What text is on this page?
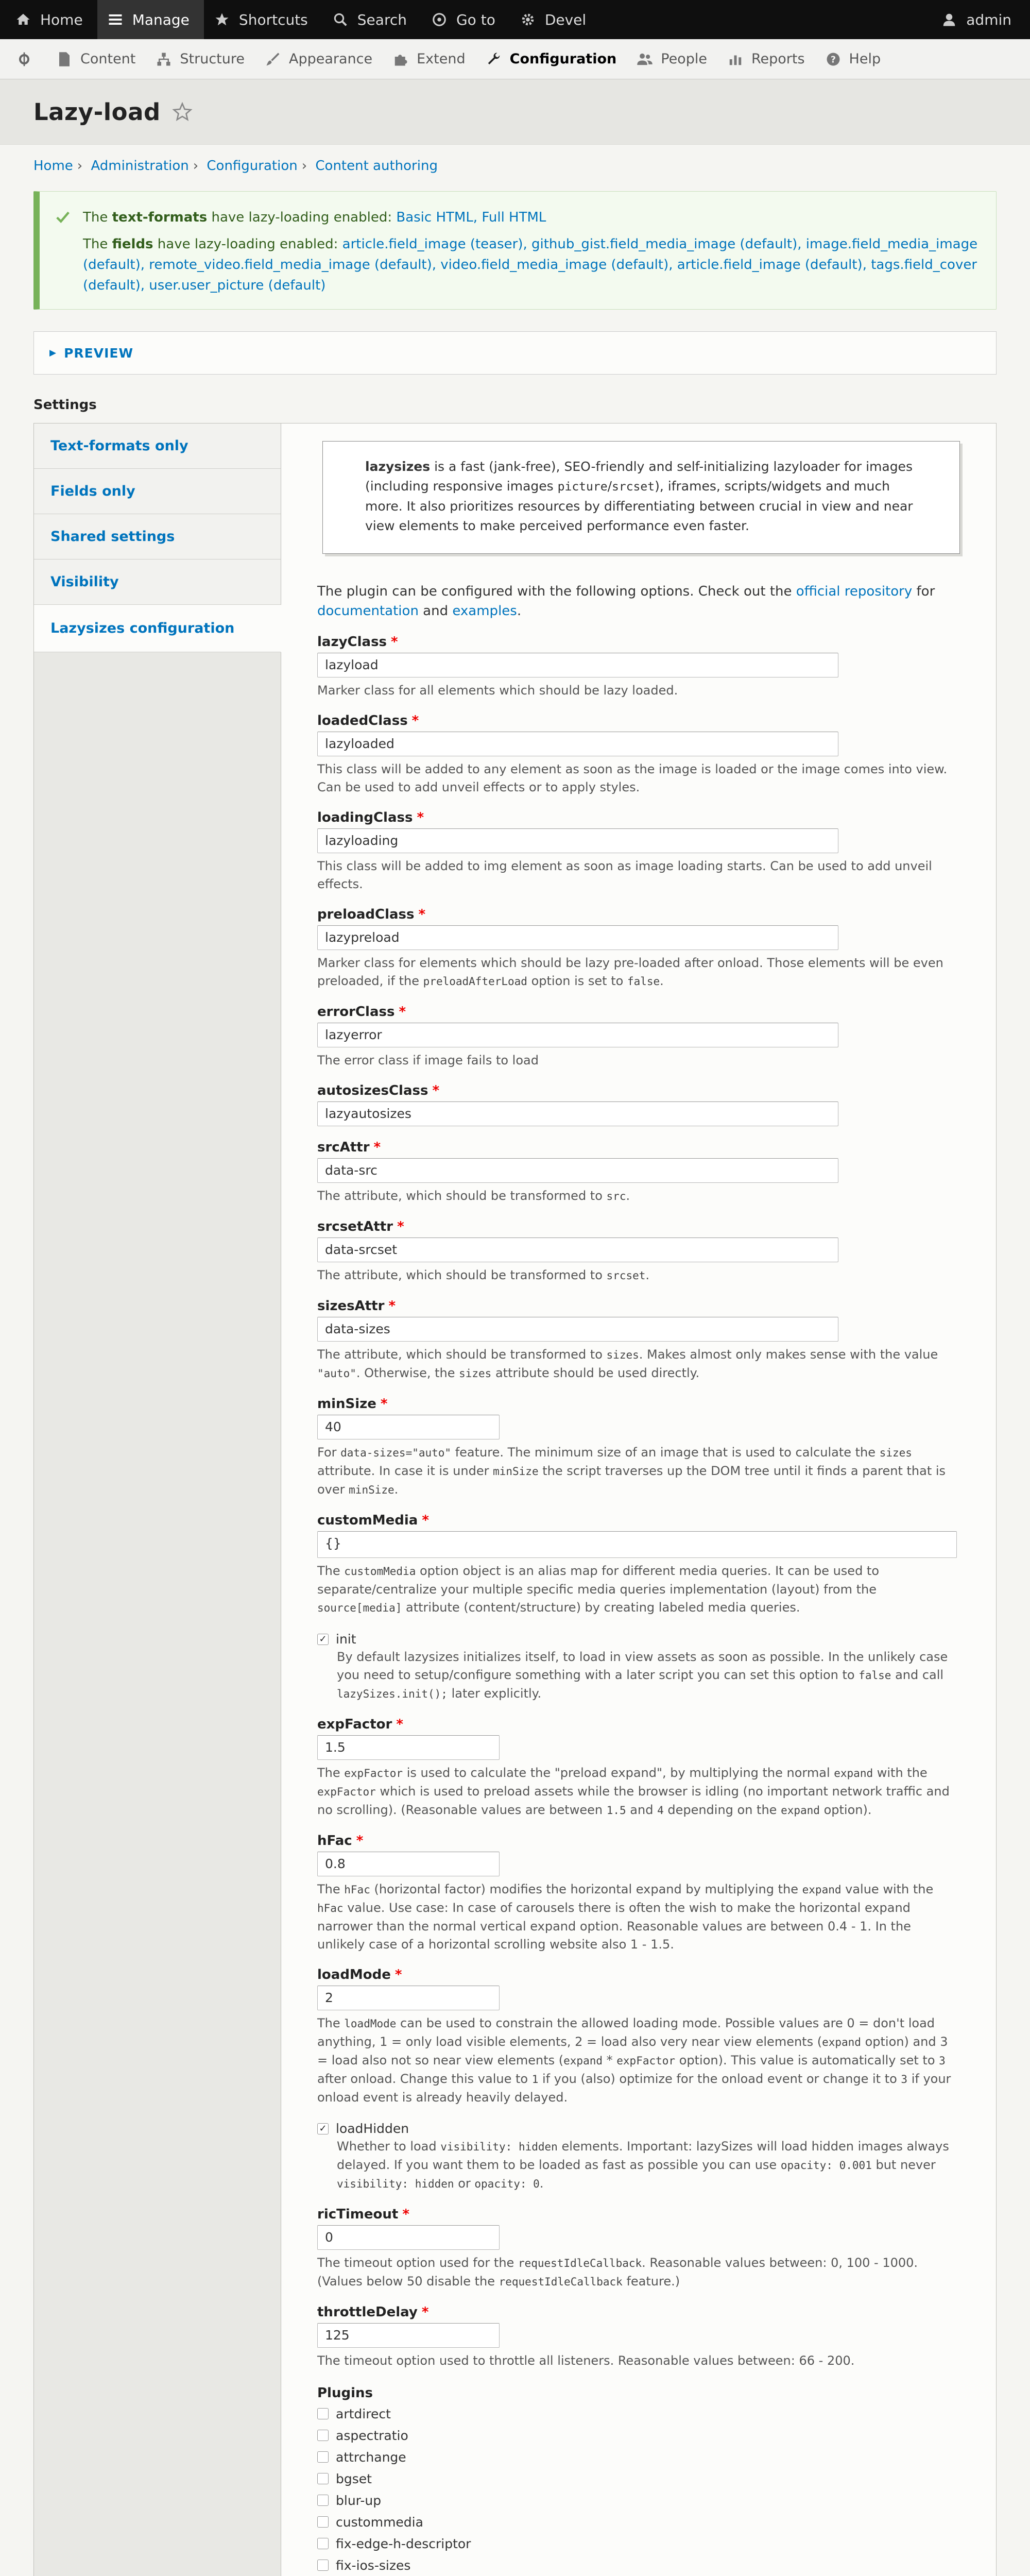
Home	Manage	Shortcuts	Search	Go to	Devel	admin
Content	Structure	Appearance	Extend	Configuration	People	Reports	? Help
Lazy-load
Home › Administration › Configuration › Content authoring

The text-formats have lazy-loading enabled: Basic HTML, Full HTML

The fields have lazy-loading enabled: article.field_image (teaser), github_gist.field_media_image (default), image.field_media_image (default), remote_video.field_media_image (default), video.field_media_image (default), article.field_image (default), tags.field_cover (default), user.user_picture (default)

▶ PREVIEW
Settings
Text-formats only
Fields only
Shared settings
Visibility
Lazysizes configuration
lazysizes is a fast (jank-free), SEO-friendly and self-initializing lazyloader for images (including responsive images picture/srcset), iframes, scripts/widgets and much more. It also prioritizes resources by differentiating between crucial in view and near view elements to make perceived performance even faster.
The plugin can be configured with the following options. Check out the official repository for documentation and examples.
lazyClass *
lazyload
Marker class for all elements which should be lazy loaded.
loadedClass *
lazyloaded
This class will be added to any element as soon as the image is loaded or the image comes into view. Can be used to add unveil effects or to apply styles.
loadingClass *
lazyloading
This class will be added to img element as soon as image loading starts. Can be used to add unveil effects.
preloadClass *
lazypreload
Marker class for elements which should be lazy pre-loaded after onload. Those elements will be even preloaded, if the preloadAfterLoad option is set to false.
errorClass *
lazyerror
The error class if image fails to load
autosizesClass *
lazyautosizes
srcAttr *
data-src
The attribute, which should be transformed to src.
srcsetAttr *
data-srcset
The attribute, which should be transformed to srcset.
sizesAttr *
data-sizes
The attribute, which should be transformed to sizes. Makes almost only makes sense with the value "auto". Otherwise, the sizes attribute should be used directly.
minSize *
40
For data-sizes="auto" feature. The minimum size of an image that is used to calculate the sizes attribute. In case it is under minSize the script traverses up the DOM tree until it finds a parent that is over minSize.
customMedia *
{}
The customMedia option object is an alias map for different media queries. It can be used to separate/centralize your multiple specific media queries implementation (layout) from the source[media] attribute (content/structure) by creating labeled media queries.
✓
init
By default lazysizes initializes itself, to load in view assets as soon as possible. In the unlikely case you need to setup/configure something with a later script you can set this option to false and call lazySizes.init(); later explicitly.
expFactor *
1.5
The expFactor is used to calculate the "preload expand", by multiplying the normal expand with the expFactor which is used to preload assets while the browser is idling (no important network traffic and no scrolling). (Reasonable values are between 1.5 and 4 depending on the expand option).
hFac *
0.8
The hFac (horizontal factor) modifies the horizontal expand by multiplying the expand value with the hFac value. Use case: In case of carousels there is often the wish to make the horizontal expand narrower than the normal vertical expand option. Reasonable values are between 0.4 - 1. In the unlikely case of a horizontal scrolling website also 1 - 1.5.
loadMode *
2
The loadMode can be used to constrain the allowed loading mode. Possible values are 0 = don't load anything, 1 = only load visible elements, 2 = load also very near view elements (expand option) and 3 = load also not so near view elements (expand * expFactor option). This value is automatically set to 3 after onload. Change this value to 1 if you (also) optimize for the onload event or change it to 3 if your onload event is already heavily delayed.
✓
loadHidden
Whether to load visibility: hidden elements. Important: lazySizes will load hidden images always delayed. If you want them to be loaded as fast as possible you can use opacity: 0.001 but never visibility: hidden or opacity: 0.
ricTimeout *
0
The timeout option used for the requestIdleCallback. Reasonable values between: 0, 100 - 1000. (Values below 50 disable the requestIdleCallback feature.)
throttleDelay *
125
The timeout option used to throttle all listeners. Reasonable values between: 66 - 200.
Plugins
artdirect
aspectratio
attrchange
bgset
blur-up
custommedia
fix-edge-h-descriptor
fix-ios-sizes
